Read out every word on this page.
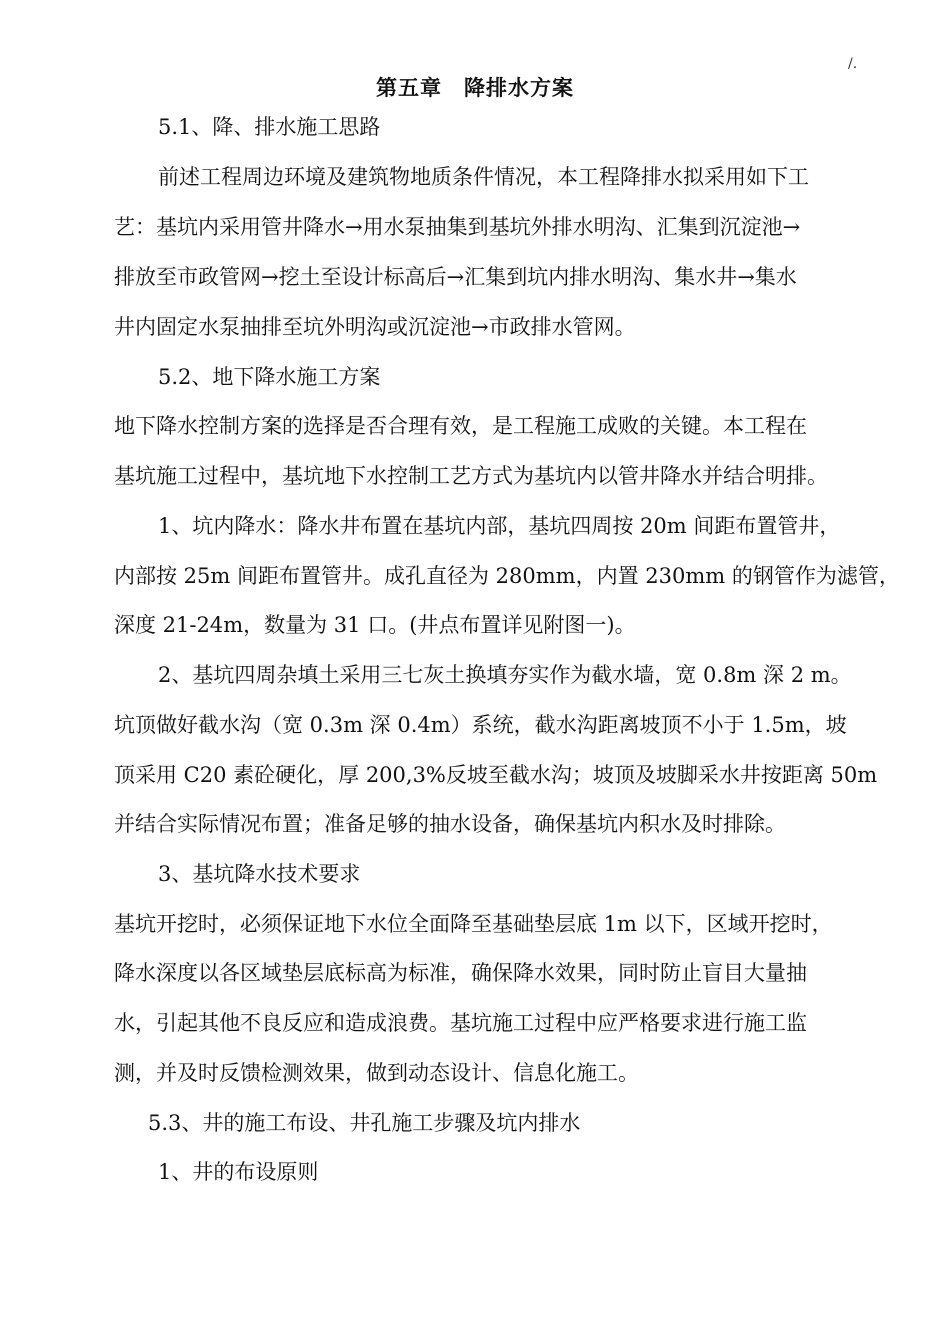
/.
第五章　降排水方案
5.1、降、排水施工思路
前述工程周边环境及建筑物地质条件情况，本工程降排水拟采用如下工
艺：基坑内采用管井降水→用水泵抽集到基坑外排水明沟、汇集到沉淀池→
排放至市政管网→挖土至设计标高后→汇集到坑内排水明沟、集水井→集水
井内固定水泵抽排至坑外明沟或沉淀池→市政排水管网。
5.2、地下降水施工方案
地下降水控制方案的选择是否合理有效，是工程施工成败的关键。本工程在
基坑施工过程中，基坑地下水控制工艺方式为基坑内以管井降水并结合明排。
1、坑内降水：降水井布置在基坑内部，基坑四周按 20m 间距布置管井，
内部按 25m 间距布置管井。成孔直径为 280mm，内置 230mm 的钢管作为滤管，
深度 21-24m，数量为 31 口。(井点布置详见附图一)。
2、基坑四周杂填土采用三七灰土换填夯实作为截水墙，宽 0.8m 深 2 m。
坑顶做好截水沟（宽 0.3m 深 0.4m）系统，截水沟距离坡顶不小于 1.5m，坡
顶采用 C20 素砼硬化，厚 200,3%反坡至截水沟；坡顶及坡脚采水井按距离 50m
并结合实际情况布置；准备足够的抽水设备，确保基坑内积水及时排除。
3、基坑降水技术要求
基坑开挖时，必须保证地下水位全面降至基础垫层底 1m 以下，区域开挖时，
降水深度以各区域垫层底标高为标准，确保降水效果，同时防止盲目大量抽
水，引起其他不良反应和造成浪费。基坑施工过程中应严格要求进行施工监
测，并及时反馈检测效果，做到动态设计、信息化施工。
5.3、井的施工布设、井孔施工步骤及坑内排水
1、井的布设原则
